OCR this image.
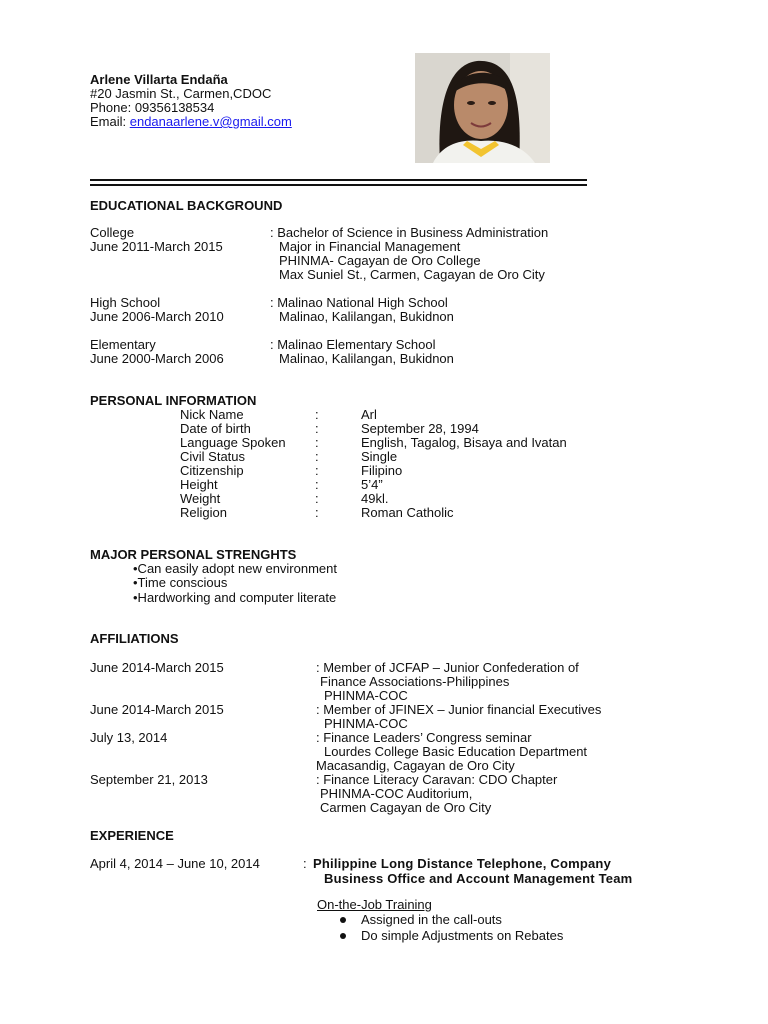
Arlene Villarta Endaña
#20 Jasmin St., Carmen,CDOC
Phone: 09356138534
Email: endanaarlene.v@gmail.com
EDUCATIONAL BACKGROUND
College
June 2011-March 2015
: Bachelor of Science in Business Administration
Major in Financial Management
PHINMA- Cagayan de Oro College
Max Suniel St., Carmen, Cagayan de Oro City
High School
June 2006-March 2010
: Malinao National High School
Malinao, Kalilangan, Bukidnon
Elementary
June 2000-March 2006
: Malinao Elementary School
Malinao, Kalilangan, Bukidnon
PERSONAL INFORMATION
Nick Name	:	Arl
Date of birth	:	September 28, 1994
Language Spoken :	English, Tagalog, Bisaya and Ivatan
Civil Status	:	Single
Citizenship	:	Filipino
Height	:	5’4”
Weight	:	49kl.
Religion	:	Roman Catholic
MAJOR PERSONAL STRENGHTS
•Can easily adopt new environment
•Time conscious
•Hardworking and computer literate
AFFILIATIONS
June 2014-March 2015	: Member of JCFAP – Junior Confederation of
Finance Associations-Philippines
PHINMA-COC
June 2014-March 2015	: Member of JFINEX – Junior financial Executives
PHINMA-COC
July 13, 2014	: Finance Leaders’ Congress seminar
Lourdes College Basic Education Department
Macasandig, Cagayan de Oro City
September 21, 2013	: Finance Literacy Caravan: CDO Chapter
PHINMA-COC Auditorium,
Carmen Cagayan de Oro City
EXPERIENCE
April 4, 2014 – June 10, 2014	: Philippine Long Distance Telephone, Company
Business Office and Account Management Team
On-the-Job Training
Assigned in the call-outs
Do simple Adjustments on Rebates
